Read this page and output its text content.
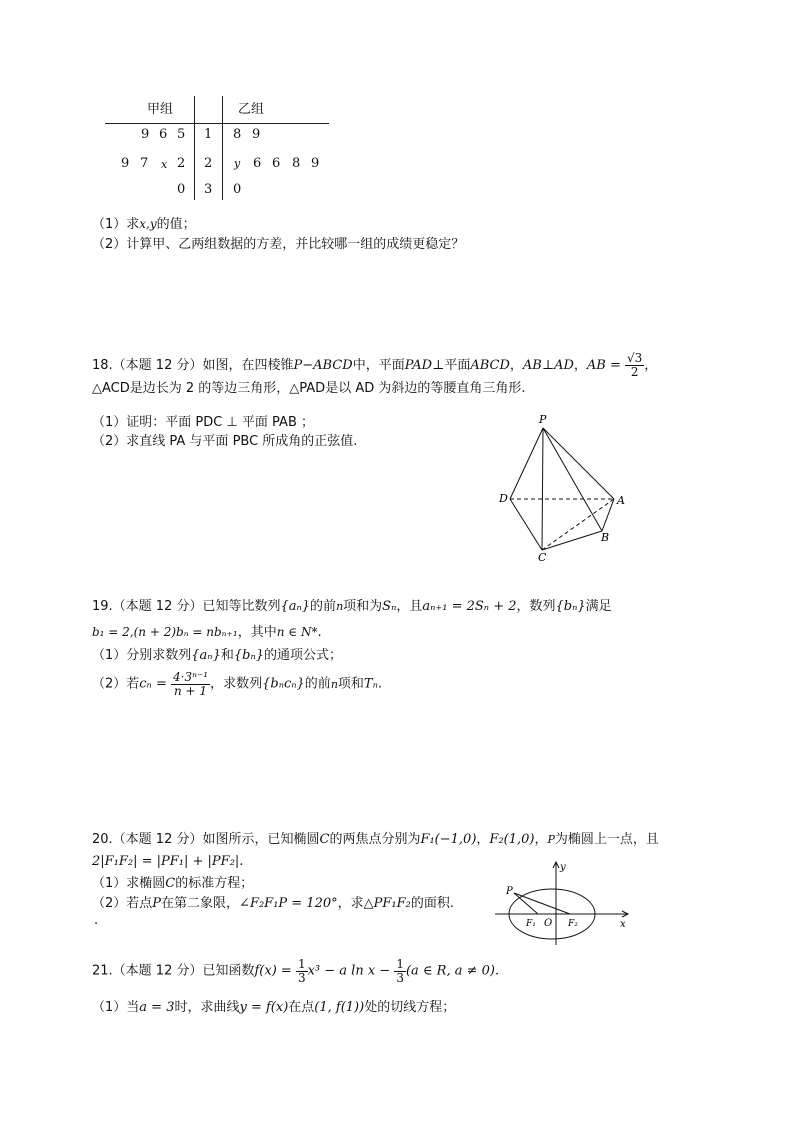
甲组	乙组
9 6 5 1 8 9
9 7 x 2 2 y 6 6 8 9
0 3 0
（1）求x,y的值；
（2）计算甲、乙两组数据的方差，并比较哪一组的成绩更稳定？
18.（本题 12 分）如图，在四棱锥P−ABCD中，平面PAD⊥平面ABCD，AB⊥AD，AB = $\frac{√3}{2}$ ，
△ACD是边长为 2 的等边三角形，△PAD是以 AD 为斜边的等腰直角三角形.
（1）证明：平面 PDC ⊥ 平面 PAB ；
（2）求直线 PA 与平面 PBC 所成角的正弦值.
P
D	A
B
C
19.（本题 12 分）已知等比数列{aₙ}的前n项和为Sₙ，且aₙ₊₁ = 2Sₙ + 2，数列{bₙ}满足
b₁ = 2,(n + 2)bₙ = nbₙ₊₁，其中n ∈ N*.
（1）分别求数列{aₙ}和{bₙ}的通项公式；
（2）若$c_n = \frac{\text{4·3ⁿ⁻¹}}{n + 1}$ ，求数列{bₙcₙ}的前n项和Tₙ.
20.（本题 12 分）如图所示，已知椭圆C的两焦点分别为F₁(−1,0)，F₂(1,0)，P为椭圆上一点，且
2|F₁F₂| = |PF₁| + |PF₂|.
（1）求椭圆C的标准方程；
（2）若点P在第二象限，∠F₂F₁P = 120°，求△PF₁F₂的面积.
.
y
x
P
F₁ O F₂
21.（本题 12 分）已知函数$f(x) = \frac{1}{3} x^3 - a$ $\ln x - \frac{1}{3} (a$ ∈ R, a ≠ 0).
（1）当a = 3时，求曲线y = f(x)在点(1, f(1))处的切线方程；
